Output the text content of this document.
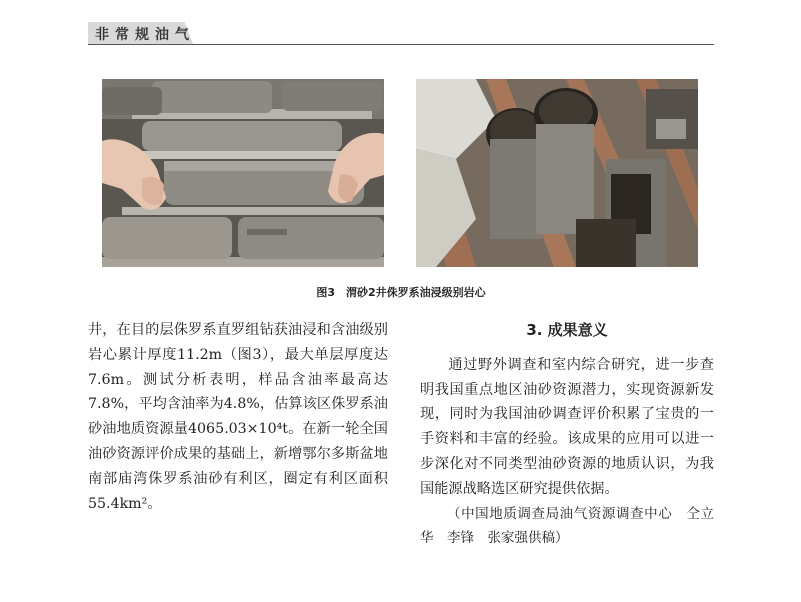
非常规油气
图3　渭砂2井侏罗系油浸级别岩心

井，在目的层侏罗系直罗组钻获油浸和含油级别岩心累计厚度11.2m（图3），最大单层厚度达7.6m。测试分析表明，样品含油率最高达7.8%，平均含油率为4.8%，估算该区侏罗系油砂油地质资源量4065.03×10⁴t。在新一轮全国油砂资源评价成果的基础上，新增鄂尔多斯盆地南部庙湾侏罗系油砂有利区，圈定有利区面积55.4km²。

3. 成果意义

通过野外调查和室内综合研究，进一步查明我国重点地区油砂资源潜力，实现资源新发现，同时为我国油砂调查评价积累了宝贵的一手资料和丰富的经验。该成果的应用可以进一步深化对不同类型油砂资源的地质认识，为我国能源战略选区研究提供依据。

（中国地质调查局油气资源调查中心　仝立华　李锋　张家强供稿）
